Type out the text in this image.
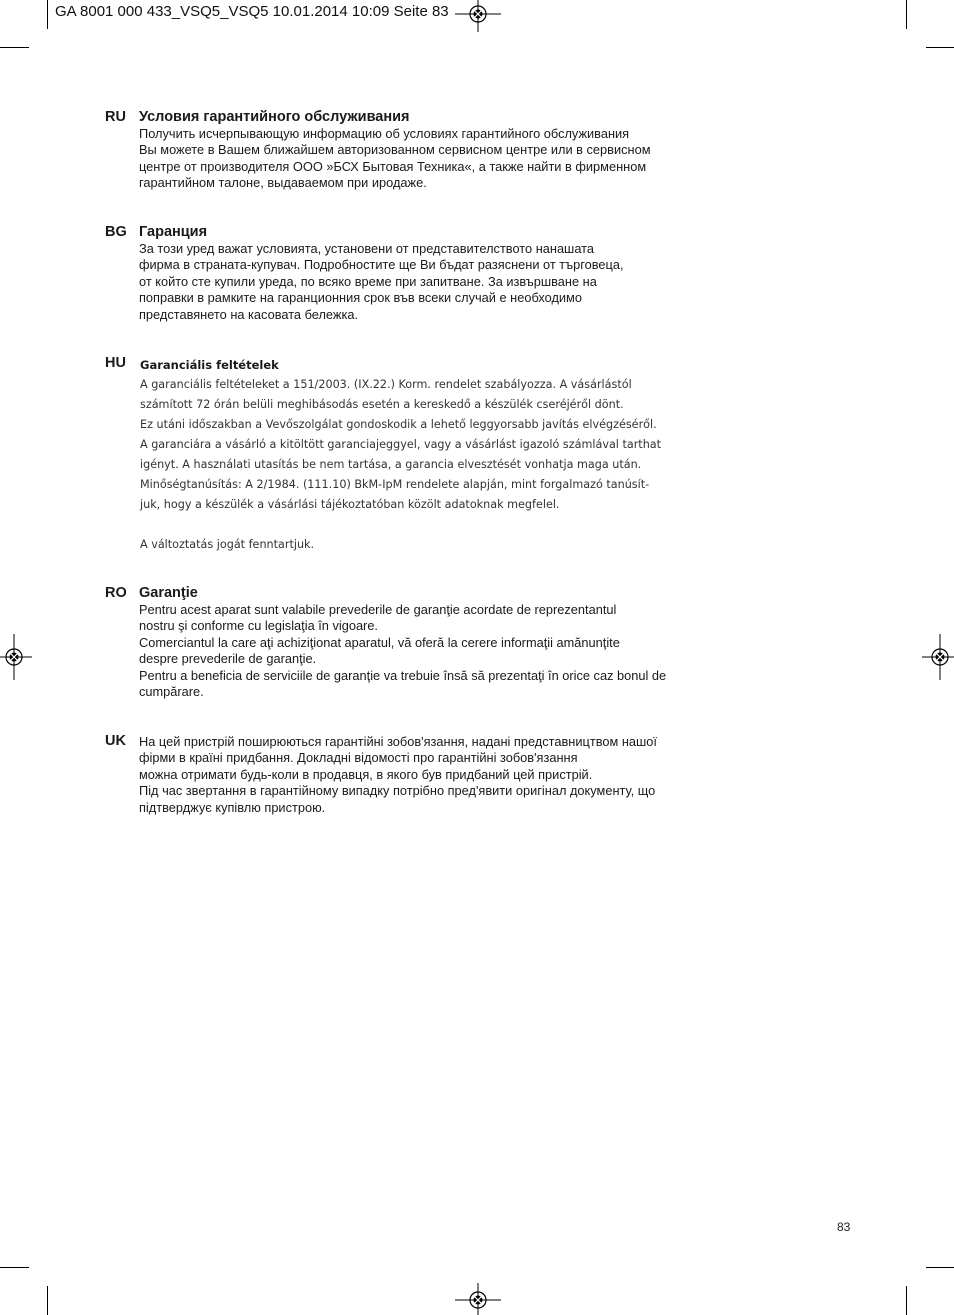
GA 8001 000 433_VSQ5_VSQ5 10.01.2014 10:09 Seite 83
RU Условия гарантийного обслуживания
Получить исчерпывающую информацию об условиях гарантийного обслуживания
Вы можете в Вашем ближайшем авторизованном сервисном центре или в сервисном
центре от производителя ООО »БСХ Бытовая Техника«, а также найти в фирменном
гарантийном талоне, выдаваемом при иродаже.
BG Гаранция
За този уред важат условията, установени от представителството нанашата
фирма в страната-купувач. Подробностите ще Ви бъдат разяснени от търговеца,
от който сте купили уреда, по всяко време при запитване. За извършване на
поправки в рамките на гаранционния срок във всеки случай е необходимо
представянето на касовата бележка.
HU	Garanciális feltételek
A garanciális feltételeket a 151/2003. (IX.22.) Korm. rendelet szabályozza. A vásárlástól
számított 72 órán belüli meghibásodás esetén a kereskedő a készülék cseréjéről dönt.
Ez utáni időszakban a Vevőszolgálat gondoskodik a lehető leggyorsabb javítás elvégzéséről.
A garanciára a vásárló a kitöltött garanciajeggyel, vagy a vásárlást igazoló számlával tarthat
igényt. A használati utasítás be nem tartása, a garancia elvesztését vonhatja maga után.
Minőségtanúsítás: A 2/1984. (111.10) BkM-IpM rendelete alapján, mint forgalmazó tanúsít-
juk, hogy a készülék a vásárlási tájékoztatóban közölt adatoknak megfelel.
A változtatás jogát fenntartjuk.
RO Garanţie
Pentru acest aparat sunt valabile prevederile de garanţie acordate de reprezentantul
nostru şi conforme cu legislaţia în vigoare.
Comerciantul la care aţi achiziţionat aparatul, vă oferă la cerere informaţii amănunţite
despre prevederile de garanţie.
Pentru a beneficia de serviciile de garanţie va trebuie însă să prezentaţi în orice caz bonul de
cumpărare.
UK	На цей пристрій поширюються гарантійні зобов'язання, надані представництвом нашої
фірми в країні придбання. Докладні відомості про гарантійні зобов'язання
можна отримати будь-коли в продавця, в якого був придбаний цей пристрій.
Під час звертання в гарантійному випадку потрібно пред'явити оригінал документу, що
підтверджує купівлю пристрою.
83
